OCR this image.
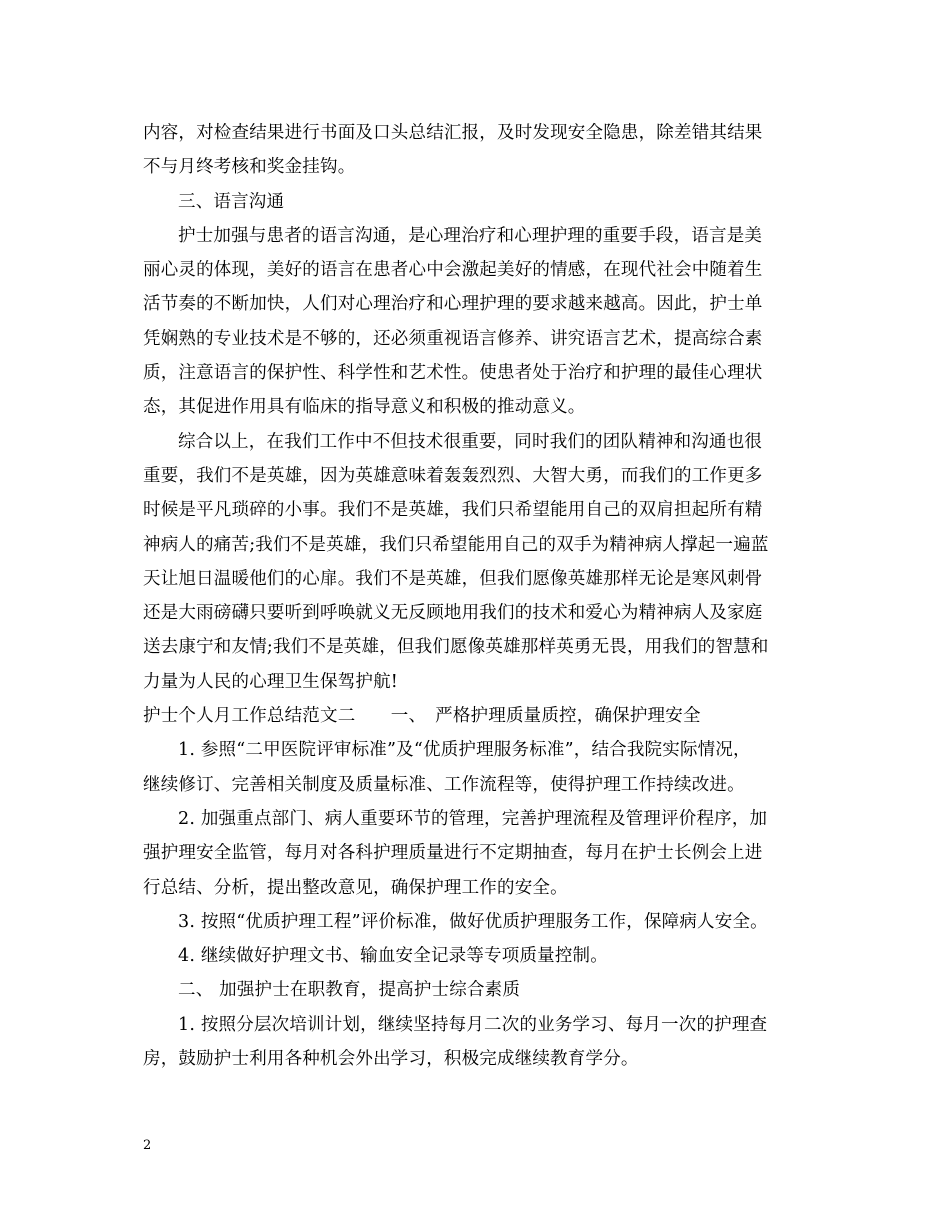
内容，对检查结果进行书面及口头总结汇报，及时发现安全隐患，除差错其结果
不与月终考核和奖金挂钩。
三、语言沟通
护士加强与患者的语言沟通，是心理治疗和心理护理的重要手段，语言是美
丽心灵的体现，美好的语言在患者心中会激起美好的情感，在现代社会中随着生
活节奏的不断加快，人们对心理治疗和心理护理的要求越来越高。因此，护士单
凭娴熟的专业技术是不够的，还必须重视语言修养、讲究语言艺术，提高综合素
质，注意语言的保护性、科学性和艺术性。使患者处于治疗和护理的最佳心理状
态，其促进作用具有临床的指导意义和积极的推动意义。
综合以上，在我们工作中不但技术很重要，同时我们的团队精神和沟通也很
重要，我们不是英雄，因为英雄意味着轰轰烈烈、大智大勇，而我们的工作更多
时候是平凡琐碎的小事。我们不是英雄，我们只希望能用自己的双肩担起所有精
神病人的痛苦;我们不是英雄，我们只希望能用自己的双手为精神病人撑起一遍蓝
天让旭日温暖他们的心扉。我们不是英雄，但我们愿像英雄那样无论是寒风刺骨
还是大雨磅礴只要听到呼唤就义无反顾地用我们的技术和爱心为精神病人及家庭
送去康宁和友情;我们不是英雄，但我们愿像英雄那样英勇无畏，用我们的智慧和
力量为人民的心理卫生保驾护航!
护士个人月工作总结范文二　　一、　严格护理质量质控，确保护理安全
1. 参照“二甲医院评审标准”及“优质护理服务标准”，结合我院实际情况，
继续修订、完善相关制度及质量标准、工作流程等，使得护理工作持续改进。
2. 加强重点部门、病人重要环节的管理，完善护理流程及管理评价程序，加
强护理安全监管，每月对各科护理质量进行不定期抽查，每月在护士长例会上进
行总结、分析，提出整改意见，确保护理工作的安全。
3. 按照“优质护理工程”评价标准，做好优质护理服务工作，保障病人安全。
4. 继续做好护理文书、输血安全记录等专项质量控制。
二、 加强护士在职教育，提高护士综合素质
1. 按照分层次培训计划，继续坚持每月二次的业务学习、每月一次的护理查
房，鼓励护士利用各种机会外出学习，积极完成继续教育学分。
2
